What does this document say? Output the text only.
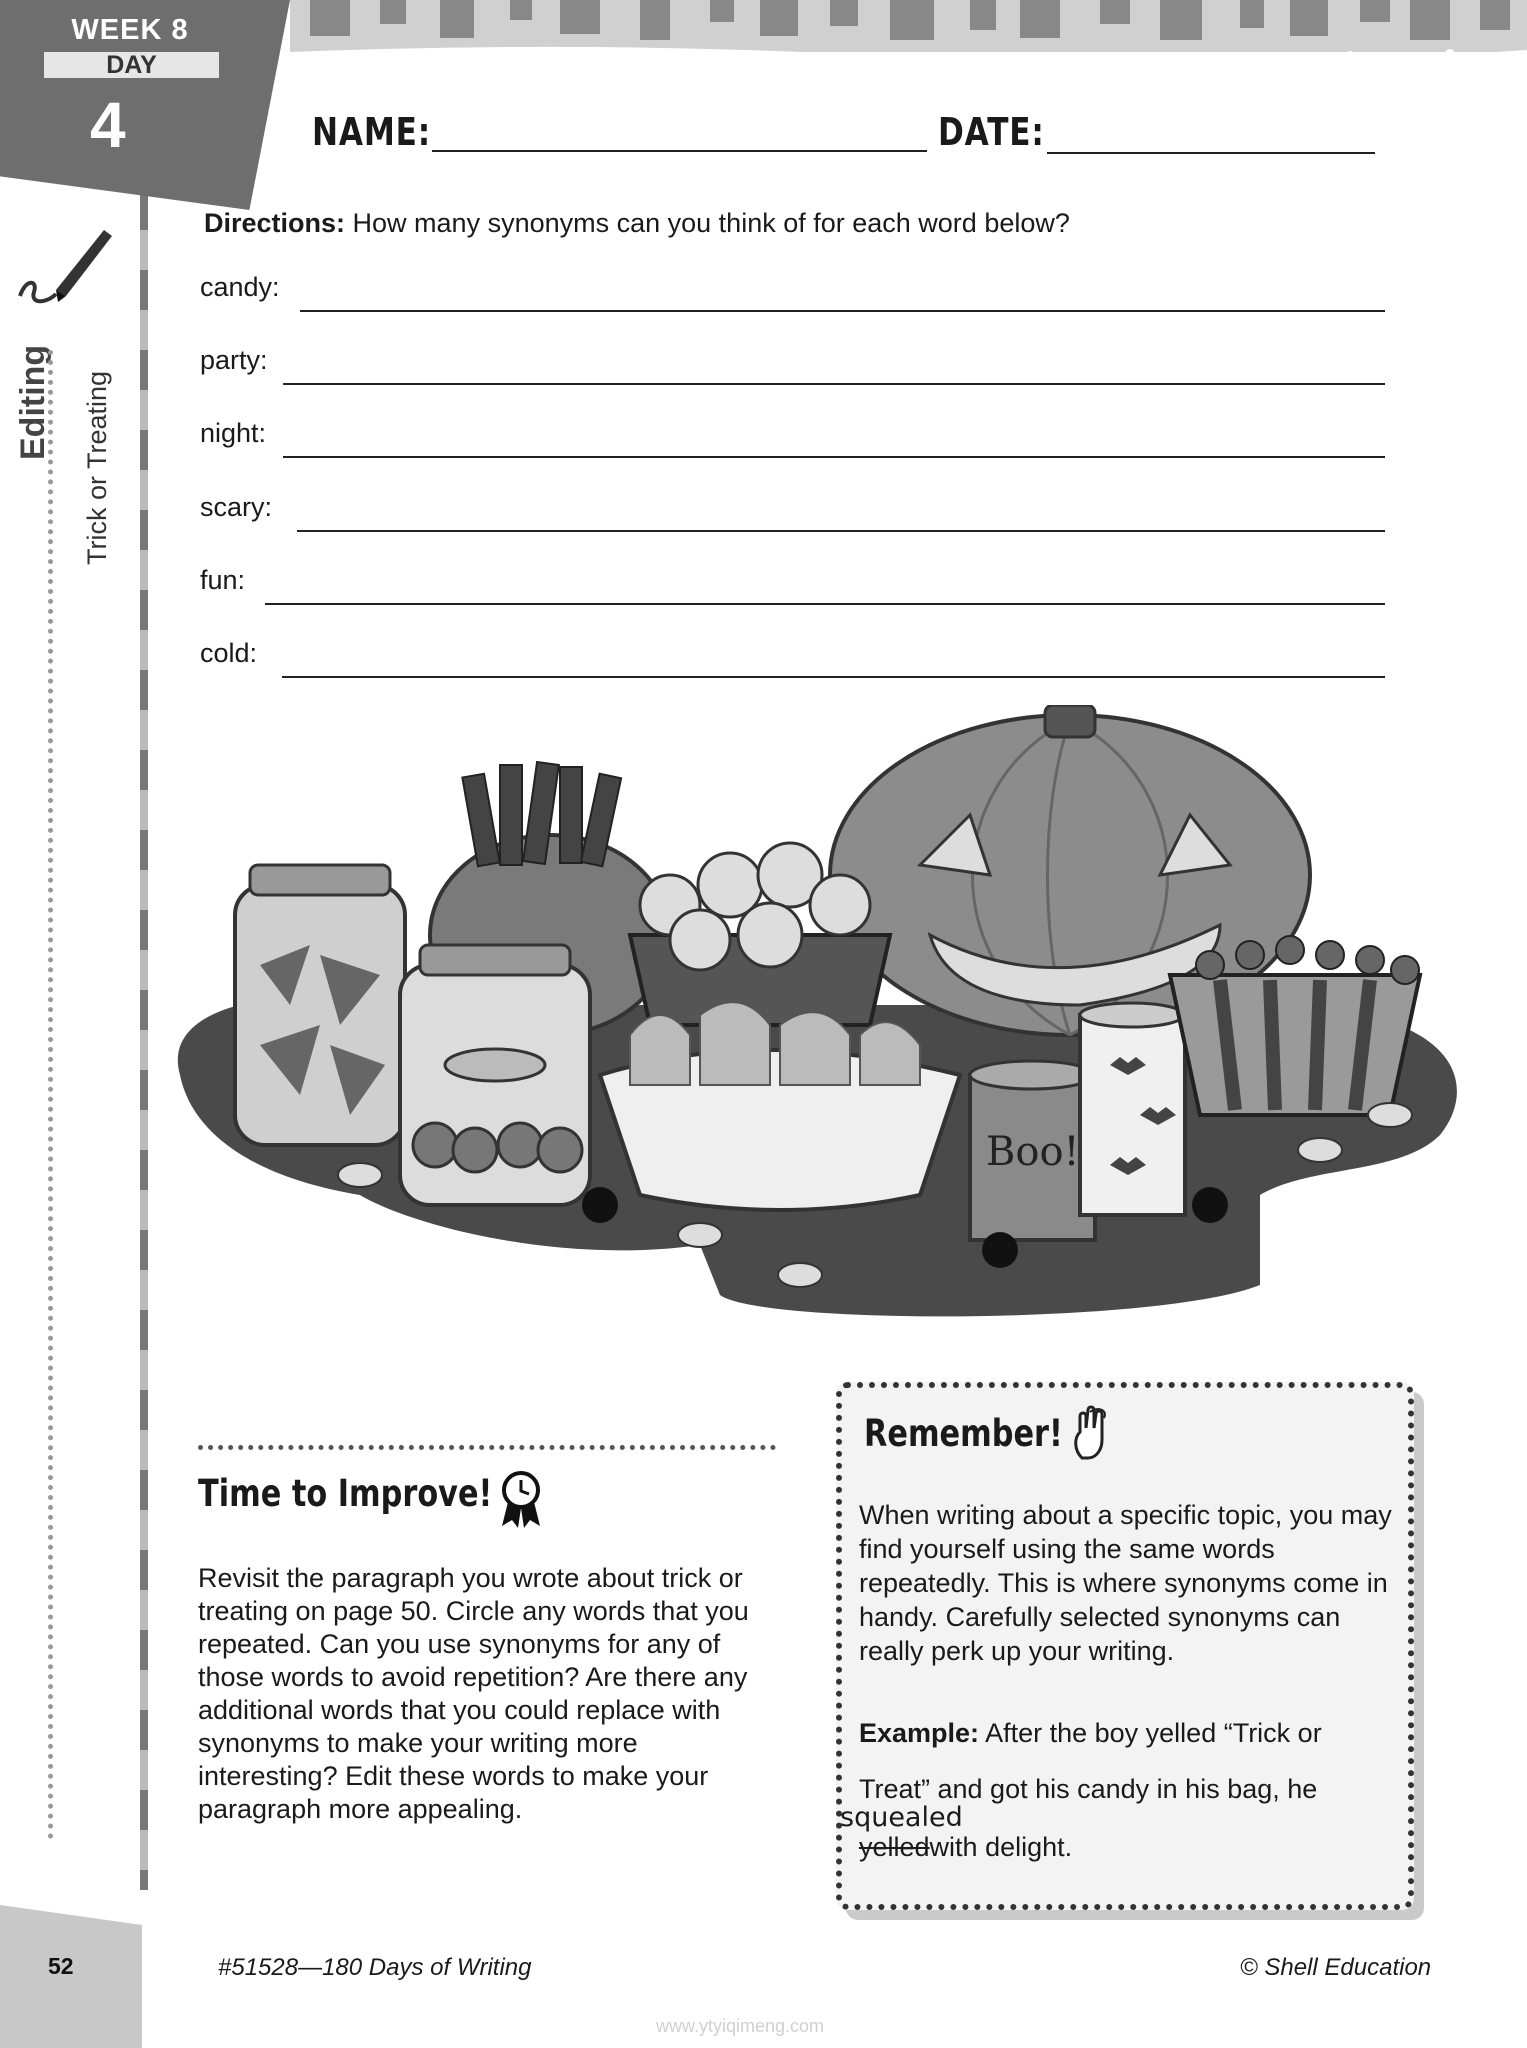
WEEK 8
DAY
4
Editing Trick or Treating
52
NAME:	DATE:
Directions: How many synonyms can you think of for each word below?
candy:
party:
night:
scary:
fun:
cold:
Boo!
Time to Improve!
Revisit the paragraph you wrote about trick or treating on page 50. Circle any words that you repeated. Can you use synonyms for any of those words to avoid repetition? Are there any additional words that you could replace with synonyms to make your writing more interesting? Edit these words to make your paragraph more appealing.
Remember!
When writing about a specific topic, you may find yourself using the same words repeatedly. This is where synonyms come in handy. Carefully selected synonyms can really perk up your writing.
Example: After the boy yelled “Trick or
Treat” and got his candy in his bag, he
squealed
yelledwith delight.
#51528—180 Days of Writing	© Shell Education
www.ytyiqimeng.com
